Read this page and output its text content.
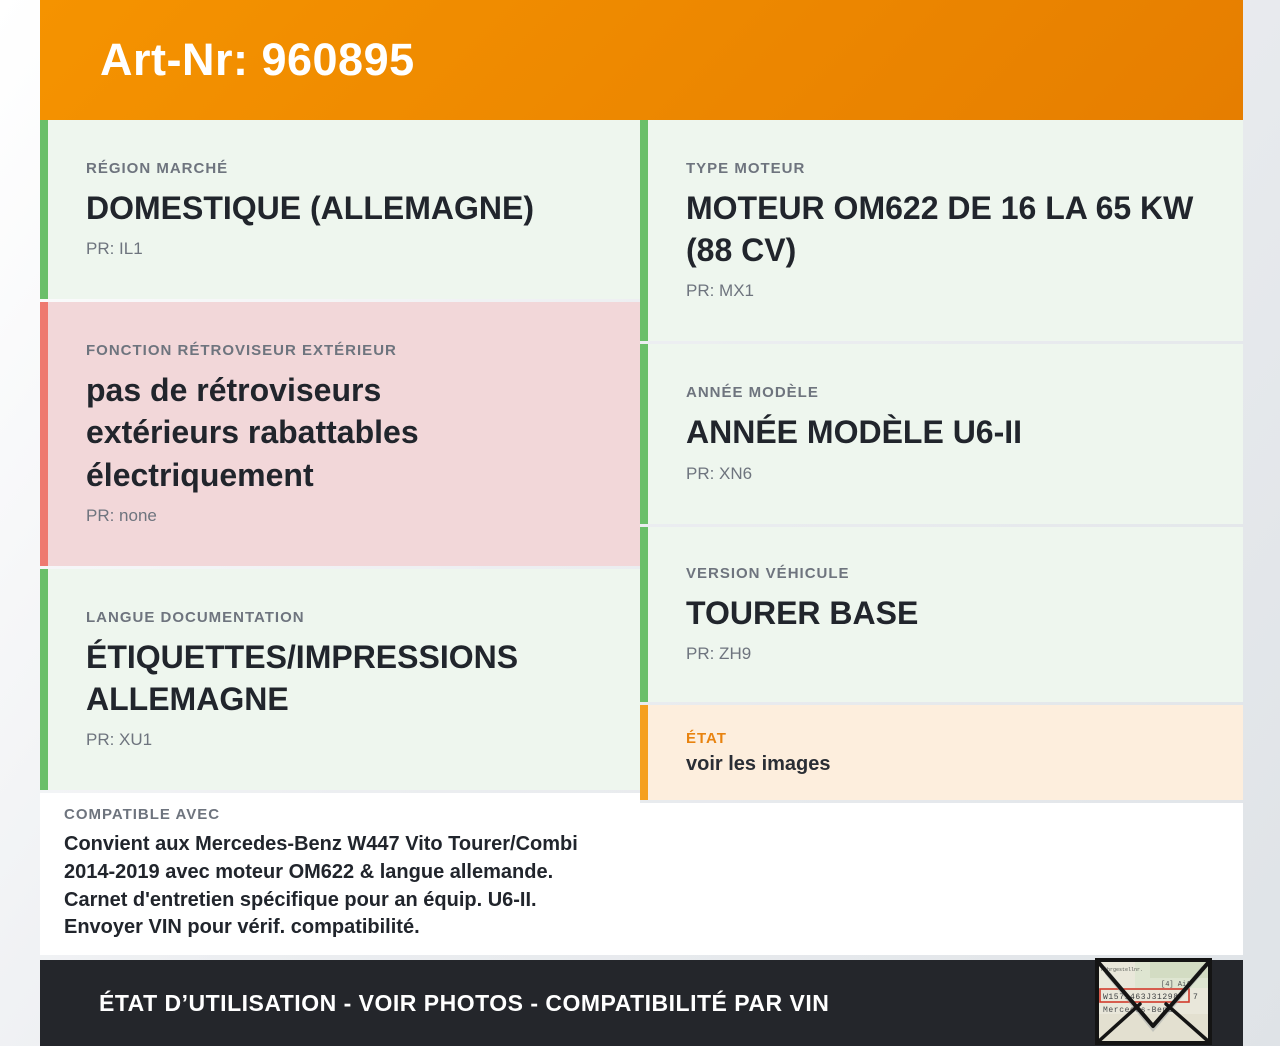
Art-Nr: 960895
RÉGION MARCHÉ
DOMESTIQUE (ALLEMAGNE)
PR: IL1
FONCTION RÉTROVISEUR EXTÉRIEUR
pas de rétroviseurs extérieurs rabattables électriquement
PR: none
LANGUE DOCUMENTATION
ÉTIQUETTES/IMPRESSIONS ALLEMAGNE
PR: XU1
COMPATIBLE AVEC
Convient aux Mercedes-Benz W447 Vito Tourer/Combi 2014-2019 avec moteur OM622 & langue allemande. Carnet d'entretien spécifique pour an équip. U6-II. Envoyer VIN pour vérif. compatibilité.
TYPE MOTEUR
MOTEUR OM622 DE 16 LA 65 KW (88 CV)
PR: MX1
ANNÉE MODÈLE
ANNÉE MODÈLE U6-II
PR: XN6
VERSION VÉHICULE
TOURER BASE
PR: ZH9
ÉTAT
voir les images
ÉTAT D’UTILISATION - VOIR PHOTOS - COMPATIBILITÉ PAR VIN
Fahrgestellnr.
[4] AiA
W1571463J31298 7
Mercedes-Benz
